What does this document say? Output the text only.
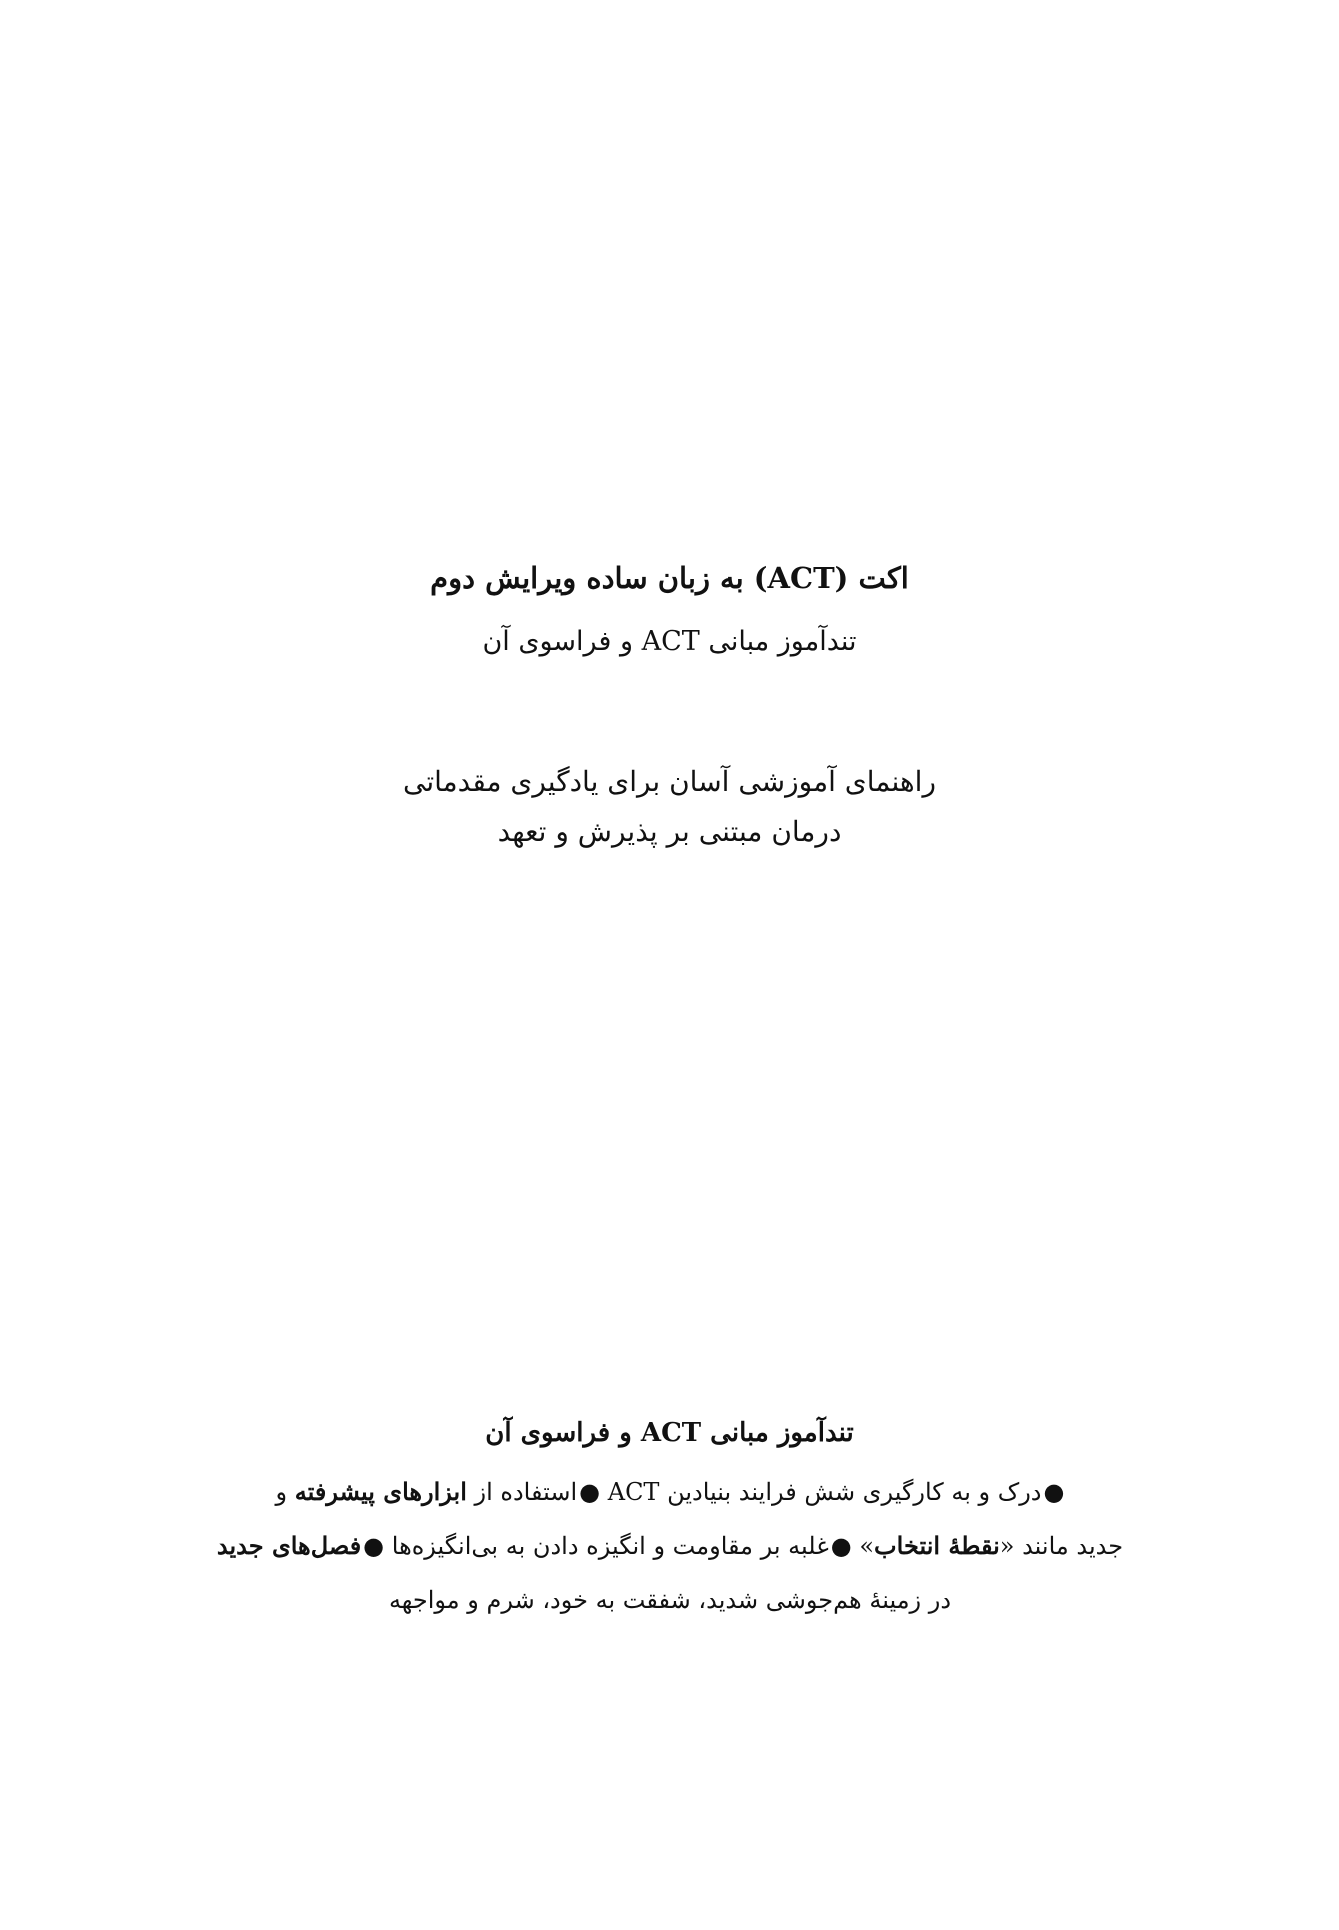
اکت (ACT) به زبان ساده ویرایش دوم
تندآموز مبانی ACT و فراسوی آن
راهنمای آموزشی آسان برای یادگیری مقدماتی
درمان مبتنی بر پذیرش و تعهد
تندآموز مبانی ACT و فراسوی آن
●درک و به کارگیری شش فرایند بنیادین ACT ●استفاده از ابزارهای پیشرفته و
جدید مانند «نقطهٔ انتخاب» ●غلبه بر مقاومت و انگیزه دادن به بی‌انگیزه‌ها ●فصل‌های جدید
در زمینهٔ هم‌جوشی شدید، شفقت به خود، شرم و مواجهه
